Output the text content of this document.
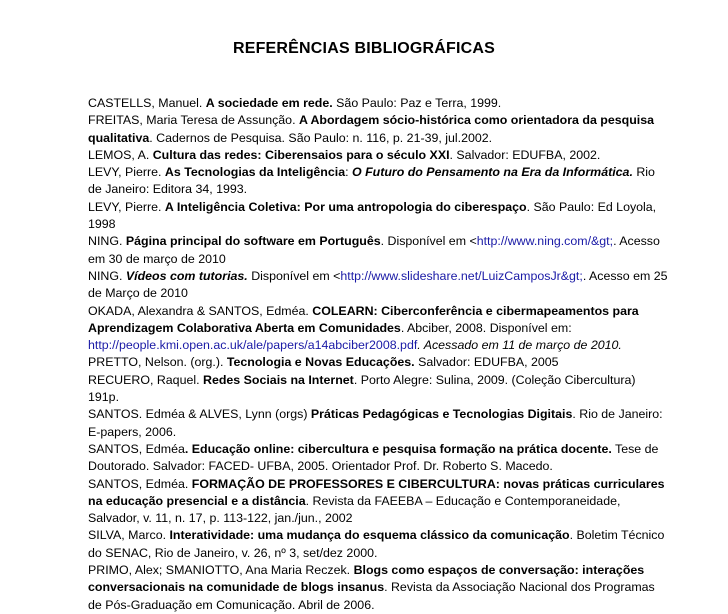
REFERÊNCIAS BIBLIOGRÁFICAS

CASTELLS, Manuel. A sociedade em rede. São Paulo: Paz e Terra, 1999.

FREITAS, Maria Teresa de Assunção. A Abordagem sócio-histórica como orientadora da pesquisa qualitativa. Cadernos de Pesquisa. São Paulo: n. 116, p. 21-39, jul.2002.

LEMOS, A. Cultura das redes: Ciberensaios para o século XXI. Salvador: EDUFBA, 2002.

LEVY, Pierre. As Tecnologias da Inteligência: O Futuro do Pensamento na Era da Informática. Rio de Janeiro: Editora 34, 1993.

LEVY, Pierre. A Inteligência Coletiva: Por uma antropologia do ciberespaço. São Paulo: Ed Loyola, 1998

NING. Página principal do software em Português. Disponível em <http://www.ning.com/&gt;. Acesso em 30 de março de 2010

NING. Vídeos com tutorias. Disponível em <http://www.slideshare.net/LuizCamposJr&gt;. Acesso em 25 de Março de 2010

OKADA, Alexandra & SANTOS, Edméa. COLEARN: Ciberconferência e cibermapeamentos para Aprendizagem Colaborativa Aberta em Comunidades. Abciber, 2008. Disponível em: http://people.kmi.open.ac.uk/ale/papers/a14abciber2008.pdf. Acessado em 11 de março de 2010.

PRETTO, Nelson. (org.). Tecnologia e Novas Educações. Salvador: EDUFBA, 2005

RECUERO, Raquel. Redes Sociais na Internet. Porto Alegre: Sulina, 2009. (Coleção Cibercultura) 191p.

SANTOS. Edméa & ALVES, Lynn (orgs) Práticas Pedagógicas e Tecnologias Digitais. Rio de Janeiro: E-papers, 2006.

SANTOS, Edméa. Educação online: cibercultura e pesquisa formação na prática docente. Tese de Doutorado. Salvador: FACED- UFBA, 2005. Orientador Prof. Dr. Roberto S. Macedo.

SANTOS, Edméa. FORMAÇÃO DE PROFESSORES E CIBERCULTURA: novas práticas curriculares na educação presencial e a distância. Revista da FAEEBA – Educação e Contemporaneidade, Salvador, v. 11, n. 17, p. 113-122, jan./jun., 2002

SILVA, Marco. Interatividade: uma mudança do esquema clássico da comunicação. Boletim Técnico do SENAC, Rio de Janeiro, v. 26, nº 3, set/dez 2000.

PRIMO, Alex; SMANIOTTO, Ana Maria Reczek. Blogs como espaços de conversação: interações conversacionais na comunidade de blogs insanus. Revista da Associação Nacional dos Programas de Pós-Graduação em Comunicação. Abril de 2006.
